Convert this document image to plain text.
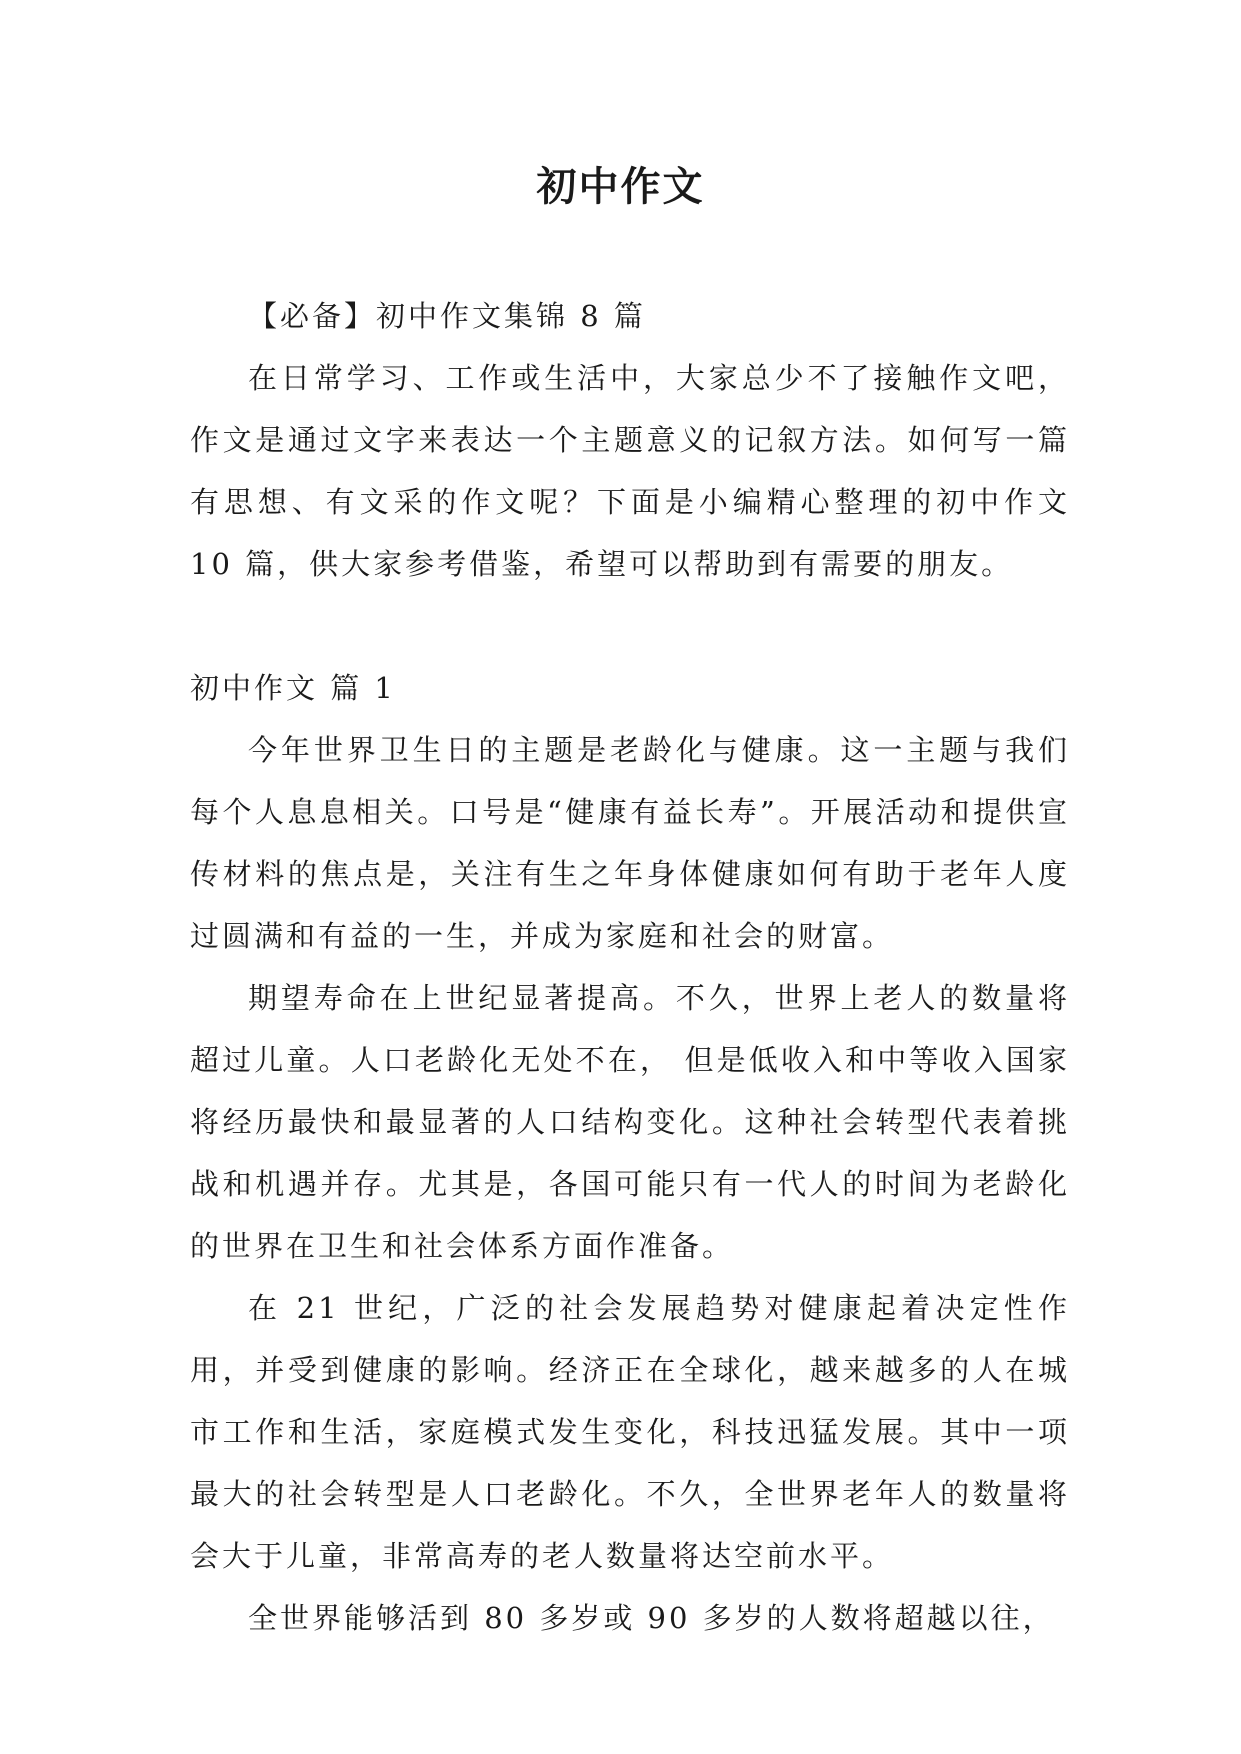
初中作文

【必备】初中作文集锦 8 篇

在日常学习、工作或生活中，大家总少不了接触作文吧，作文是通过文字来表达一个主题意义的记叙方法。如何写一篇有思想、有文采的作文呢？下面是小编精心整理的初中作文 10 篇，供大家参考借鉴，希望可以帮助到有需要的朋友。

初中作文 篇 1

今年世界卫生日的主题是老龄化与健康。这一主题与我们每个人息息相关。口号是“健康有益长寿”。开展活动和提供宣传材料的焦点是，关注有生之年身体健康如何有助于老年人度过圆满和有益的一生，并成为家庭和社会的财富。

期望寿命在上世纪显著提高。不久，世界上老人的数量将超过儿童。人口老龄化无处不在， 但是低收入和中等收入国家将经历最快和最显著的人口结构变化。这种社会转型代表着挑战和机遇并存。尤其是，各国可能只有一代人的时间为老龄化的世界在卫生和社会体系方面作准备。

在 21 世纪，广泛的社会发展趋势对健康起着决定性作用，并受到健康的影响。经济正在全球化，越来越多的人在城市工作和生活，家庭模式发生变化，科技迅猛发展。其中一项最大的社会转型是人口老龄化。不久，全世界老年人的数量将会大于儿童，非常高寿的老人数量将达空前水平。

全世界能够活到 80 多岁或 90 多岁的人数将超越以往，
